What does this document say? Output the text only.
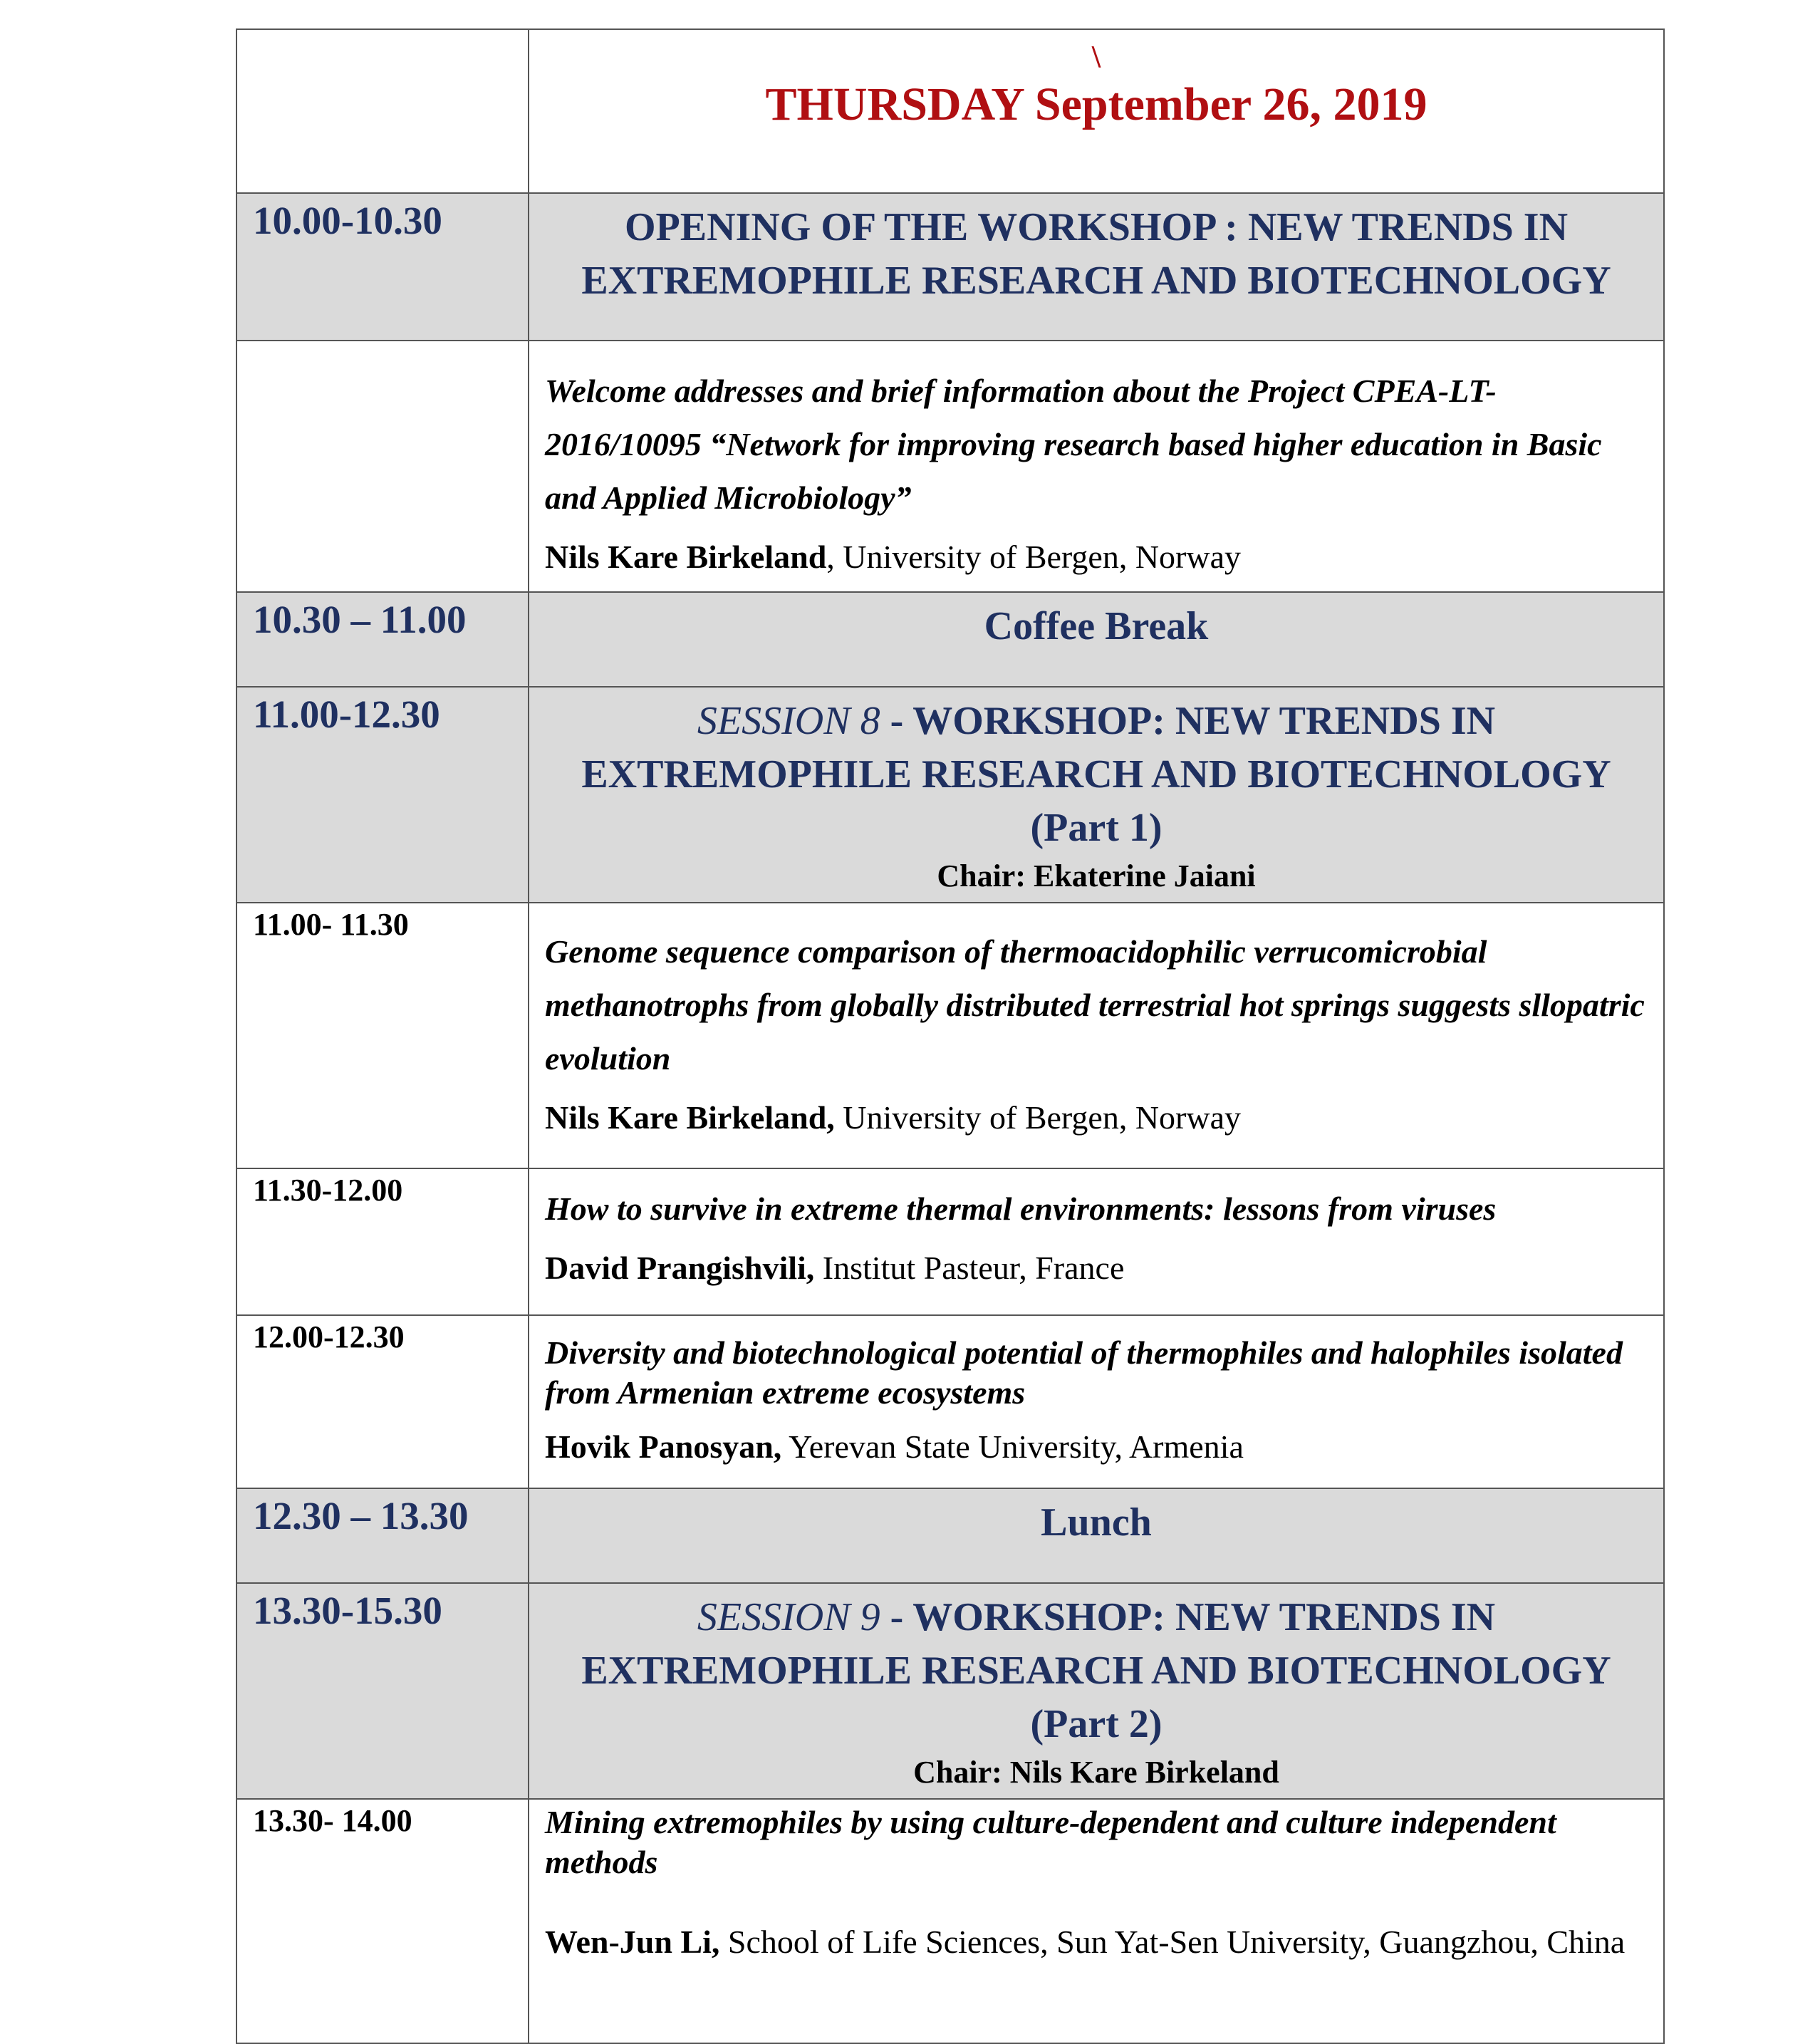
	\
THURSDAY September 26, 2019

10.00-10.30	OPENING OF THE WORKSHOP : NEW TRENDS IN
EXTREMOPHILE RESEARCH AND BIOTECHNOLOGY

	Welcome addresses and brief information about the Project CPEA-LT-2016/10095 “Network for improving research based higher education in Basic and Applied Microbiology”
Nils Kare Birkeland, University of Bergen, Norway

10.30 – 11.00	Coffee Break

11.00-12.30	SESSION 8 - WORKSHOP: NEW TRENDS IN
EXTREMOPHILE RESEARCH AND BIOTECHNOLOGY
(Part 1)
Chair: Ekaterine Jaiani

11.00- 11.30	Genome sequence comparison of thermoacidophilic verrucomicrobial methanotrophs from globally distributed terrestrial hot springs suggests sllopatric evolution
Nils Kare Birkeland, University of Bergen, Norway

11.30-12.00	How to survive in extreme thermal environments: lessons from viruses
David Prangishvili, Institut Pasteur, France

12.00-12.30	Diversity and biotechnological potential of thermophiles and halophiles isolated from Armenian extreme ecosystems
Hovik Panosyan, Yerevan State University, Armenia

12.30 – 13.30	Lunch

13.30-15.30	SESSION 9 - WORKSHOP: NEW TRENDS IN
EXTREMOPHILE RESEARCH AND BIOTECHNOLOGY
(Part 2)
Chair: Nils Kare Birkeland

13.30- 14.00	Mining extremophiles by using culture-dependent and culture independent methods
Wen-Jun Li, School of Life Sciences, Sun Yat-Sen University, Guangzhou, China
